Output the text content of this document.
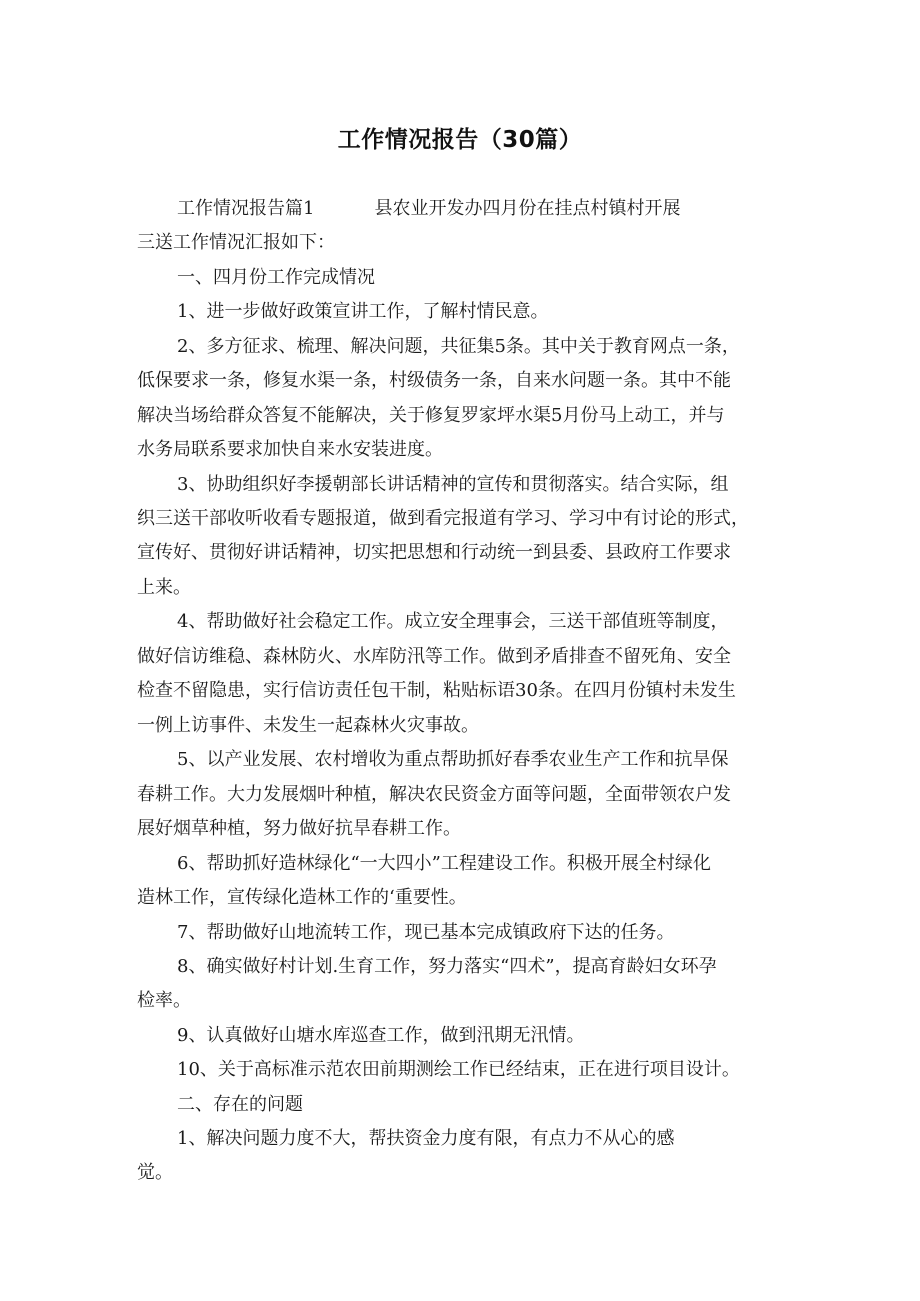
工作情况报告（30篇）
工作情况报告篇1	县农业开发办四月份在挂点村镇村开展
三送工作情况汇报如下：
一、四月份工作完成情况
1、进一步做好政策宣讲工作，了解村情民意。
2、多方征求、梳理、解决问题，共征集5条。其中关于教育网点一条，
低保要求一条，修复水渠一条，村级债务一条，自来水问题一条。其中不能
解决当场给群众答复不能解决，关于修复罗家坪水渠5月份马上动工，并与
水务局联系要求加快自来水安装进度。
3、协助组织好李援朝部长讲话精神的宣传和贯彻落实。结合实际，组
织三送干部收听收看专题报道，做到看完报道有学习、学习中有讨论的形式，
宣传好、贯彻好讲话精神，切实把思想和行动统一到县委、县政府工作要求
上来。
4、帮助做好社会稳定工作。成立安全理事会，三送干部值班等制度，
做好信访维稳、森林防火、水库防汛等工作。做到矛盾排查不留死角、安全
检查不留隐患，实行信访责任包干制，粘贴标语30条。在四月份镇村未发生
一例上访事件、未发生一起森林火灾事故。
5、以产业发展、农村增收为重点帮助抓好春季农业生产工作和抗旱保
春耕工作。大力发展烟叶种植，解决农民资金方面等问题，全面带领农户发
展好烟草种植，努力做好抗旱春耕工作。
6、帮助抓好造林绿化“一大四小”工程建设工作。积极开展全村绿化
造林工作，宣传绿化造林工作的‘重要性。
7、帮助做好山地流转工作，现已基本完成镇政府下达的任务。
8、确实做好村计划.生育工作，努力落实“四术”，提高育龄妇女环孕
检率。
9、认真做好山塘水库巡查工作，做到汛期无汛情。
10、关于高标准示范农田前期测绘工作已经结束，正在进行项目设计。
二、存在的问题
1、解决问题力度不大，帮扶资金力度有限，有点力不从心的感
觉。
